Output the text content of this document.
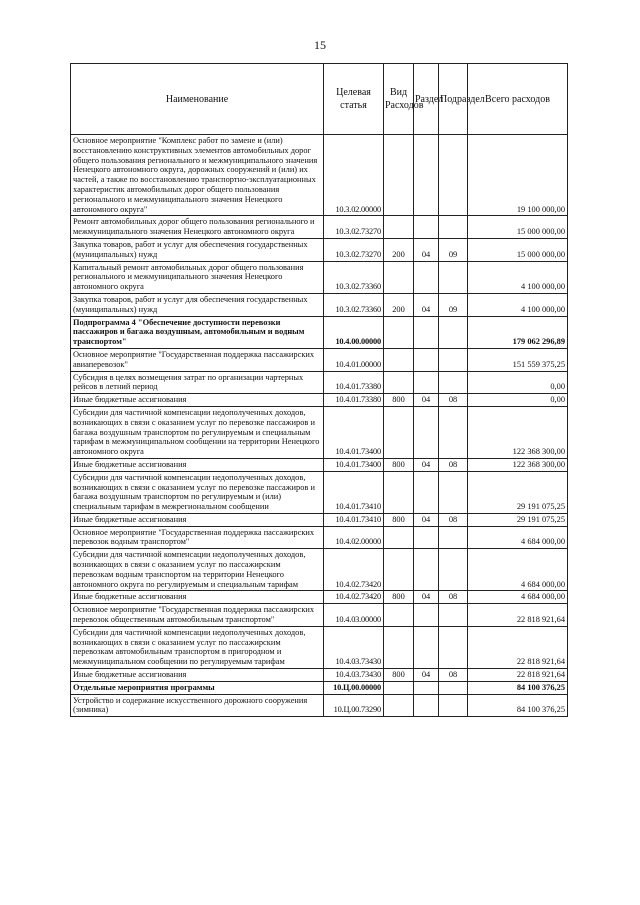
15
Наименование	Целевая статья	Вид Расходов	Раздел	Подраздел	Всего расходов
Основное мероприятие "Комплекс работ по замене и (или) восстановлению конструктивных элементов автомобильных дорог общего пользования регионального и межмуниципального значения Ненецкого автономного округа, дорожных сооружений и (или) их частей, а также по восстановлению транспортно-эксплуатационных характеристик автомобильных дорог общего пользования регионального и межмуниципального значения Ненецкого автономного округа"	10.3.02.00000				19 100 000,00
Ремонт автомобильных дорог общего пользования регионального и межмуниципального значения Ненецкого автономного округа	10.3.02.73270				15 000 000,00
Закупка товаров, работ и услуг для обеспечения государственных (муниципальных) нужд	10.3.02.73270	200	04	09	15 000 000,00
Капитальный ремонт автомобильных дорог общего пользования регионального и межмуниципального значения Ненецкого автономного округа	10.3.02.73360				4 100 000,00
Закупка товаров, работ и услуг для обеспечения государственных (муниципальных) нужд	10.3.02.73360	200	04	09	4 100 000,00
Подпрограмма 4 "Обеспечение доступности перевозки пассажиров и багажа воздушным, автомобильным и водным транспортом"	10.4.00.00000				179 062 296,89
Основное мероприятие "Государственная поддержка пассажирских авиаперевозок"	10.4.01.00000				151 559 375,25
Субсидия в целях возмещения затрат по организации чартерных рейсов в летний период	10.4.01.73380				0,00
Иные бюджетные ассигнования	10.4.01.73380	800	04	08	0,00
Субсидии для частичной компенсации недополученных доходов, возникающих в связи с оказанием услуг по перевозке пассажиров и багажа воздушным транспортом по регулируемым и специальным тарифам в межмуниципальном сообщении на территории Ненецкого автономного округа	10.4.01.73400				122 368 300,00
Иные бюджетные ассигнования	10.4.01.73400	800	04	08	122 368 300,00
Субсидии для частичной компенсации недополученных доходов, возникающих в связи с оказанием услуг по перевозке пассажиров и багажа воздушным транспортом по регулируемым и (или) специальным тарифам в межрегиональном сообщении	10.4.01.73410				29 191 075,25
Иные бюджетные ассигнования	10.4.01.73410	800	04	08	29 191 075,25
Основное мероприятие "Государственная поддержка пассажирских перевозок водным транспортом"	10.4.02.00000				4 684 000,00
Субсидии для частичной компенсации недополученных доходов, возникающих в связи с оказанием услуг по пассажирским перевозкам водным транспортом на территории Ненецкого автономного округа по регулируемым и специальным тарифам	10.4.02.73420				4 684 000,00
Иные бюджетные ассигнования	10.4.02.73420	800	04	08	4 684 000,00
Основное мероприятие "Государственная поддержка пассажирских перевозок общественным автомобильным транспортом"	10.4.03.00000				22 818 921,64
Субсидии для частичной компенсации недополученных доходов, возникающих в связи с оказанием услуг по пассажирским перевозкам автомобильным транспортом в пригородном и межмуниципальном сообщении по регулируемым тарифам	10.4.03.73430				22 818 921,64
Иные бюджетные ассигнования	10.4.03.73430	800	04	08	22 818 921,64
Отдельные мероприятия программы	10.Ц.00.00000				84 100 376,25
Устройство и содержание искусственного дорожного сооружения (зимника)	10.Ц.00.73290				84 100 376,25
